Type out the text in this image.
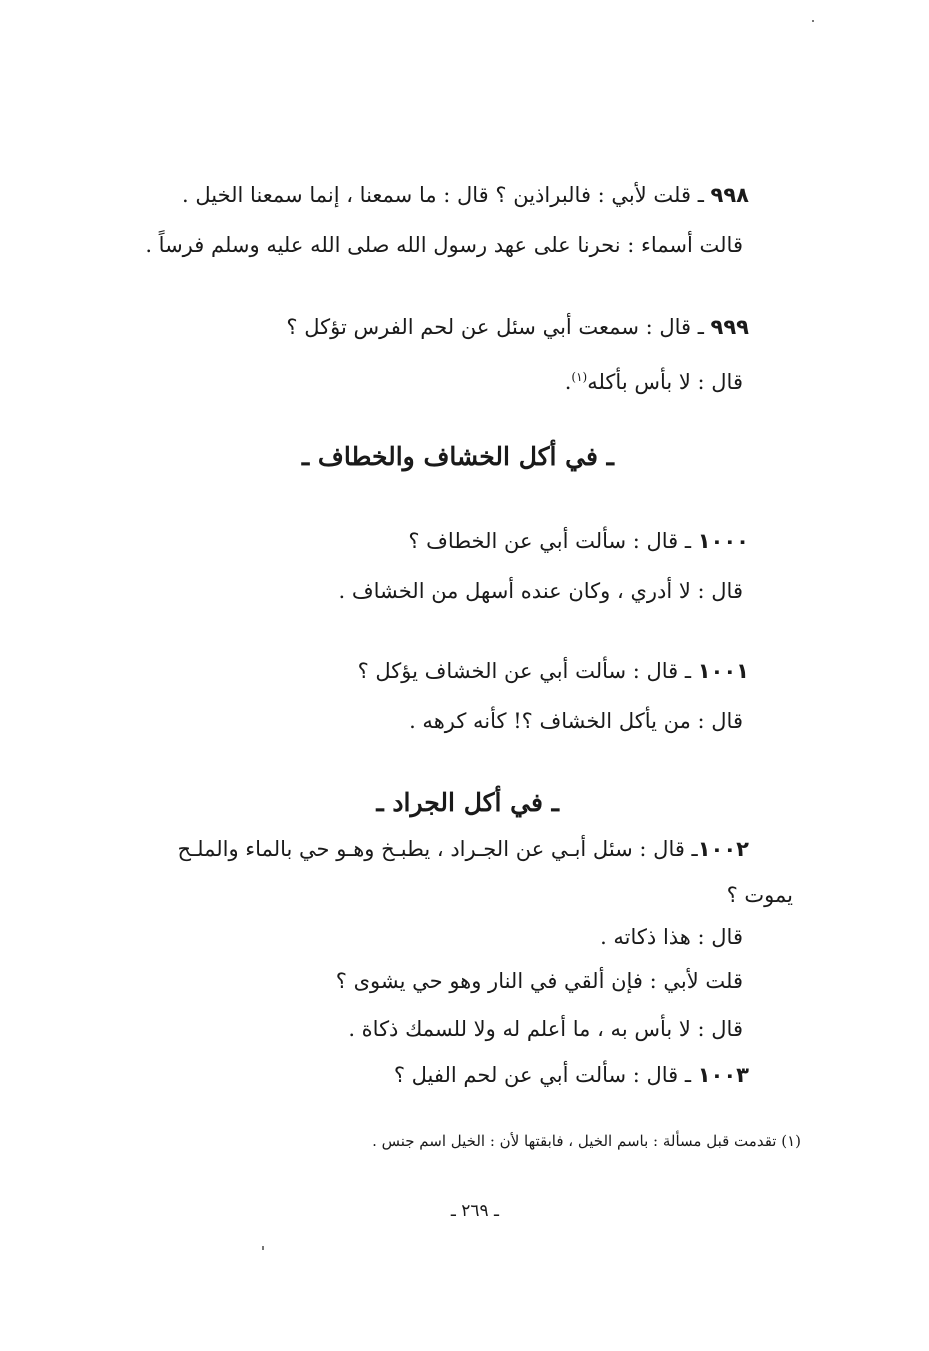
٩٩٨ ـ قلت لأبي : فالبراذين ؟ قال : ما سمعنا ، إنما سمعنا الخيل .
قالت أسماء : نحرنا على عهد رسول الله صلى الله عليه وسلم فرساً .
٩٩٩ ـ قال : سمعت أبي سئل عن لحم الفرس تؤكل ؟
قال : لا بأس بأكله$^{(١)}$.
ـ في أكل الخشاف والخطاف ـ
١٠٠٠ ـ قال : سألت أبي عن الخطاف ؟
قال : لا أدري ، وكان عنده أسهل من الخشاف .
١٠٠١ ـ قال : سألت أبي عن الخشاف يؤكل ؟
قال : من يأكل الخشاف ؟! كأنه كرهه .
ـ في أكل الجراد ـ
١٠٠٢ـ قال : سئل أبـي عن الجـراد ، يطبـخ وهـو حي بالماء والملـح
يموت ؟
قال : هذا ذكاته .
قلت لأبي : فإن ألقي في النار وهو حي يشوى ؟
قال : لا بأس به ، ما أعلم له ولا للسمك ذكاة .
١٠٠٣ ـ قال : سألت أبي عن لحم الفيل ؟
(١) تقدمت قبل مسألة : باسم الخيل ، فابقتها لأن : الخيل اسم جنس .
ـ ٢٦٩ ـ
